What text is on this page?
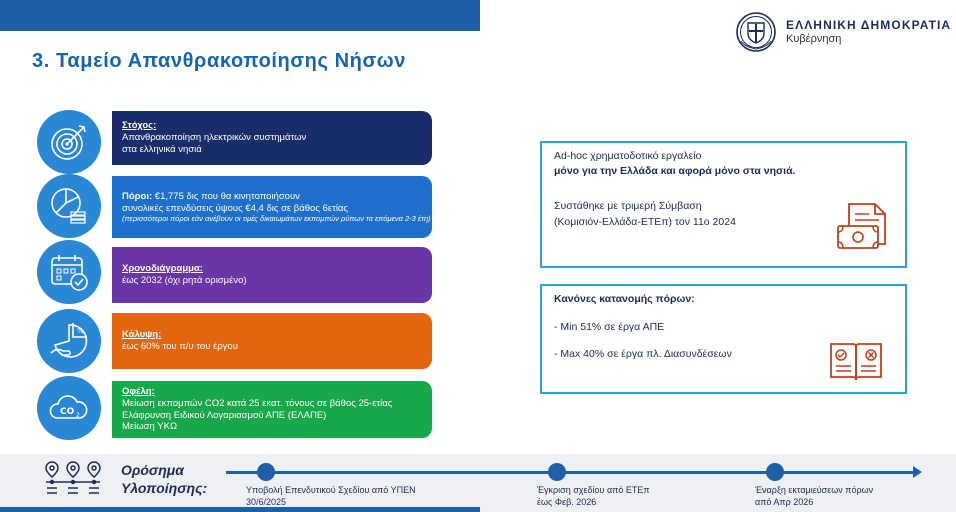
ΕΛΛΗΝΙΚΗ ΔΗΜΟΚΡΑΤΙΑ
Κυβέρνηση
3. Ταμείο Απανθρακοποίησης Νήσων
Στόχος:
Απανθρακοποίηση ηλεκτρικών συστημάτων
στα ελληνικά νησιά
Πόροι: €1,775 δις που θα κινητοποιήσουν
συνολικές επενδύσεις ύψους €4,4 δις σε βάθος 6ετίας
(περισσότεροι πόροι εάν ανέβουν οι τιμές δικαιωμάτων εκπομπών ρύπων τα επόμενα 2-3 έτη)
Χρονοδιάγραμμα:
έως 2032 (όχι ρητά ορισμένο)
%	Κάλυψη:
έως 60% του π/υ του έργου
CO 2
Οφέλη:
Μείωση εκπομπών CO2 κατά 25 εκατ. τόνους σε βάθος 25-ετίας
Ελάφρυνση Ειδικού Λογαριασμού ΑΠΕ (ΕΛΑΠΕ)
Μείωση ΥΚΩ
Ad-hoc χρηματοδοτικό εργαλείο
μόνο για την Ελλάδα και αφορά μόνο στα νησιά.
Συστάθηκε με τριμερή Σύμβαση
(Κομισιόν-Ελλάδα-ΕΤΕπ) τον 11ο 2024
Κανόνες κατανομής πόρων:
- Min 51% σε έργα ΑΠΕ
- Max 40% σε έργα πλ. Διασυνδέσεων
Ορόσημα
Υλοποίησης:	Υποβολή Επενδυτικού Σχεδίου από ΥΠΕΝ
30/6/2025
Έγκριση σχεδίου από ΕΤΕπ
έως Φεβ. 2026
Έναρξη εκταμιεύσεων πόρων
από Απρ 2026
